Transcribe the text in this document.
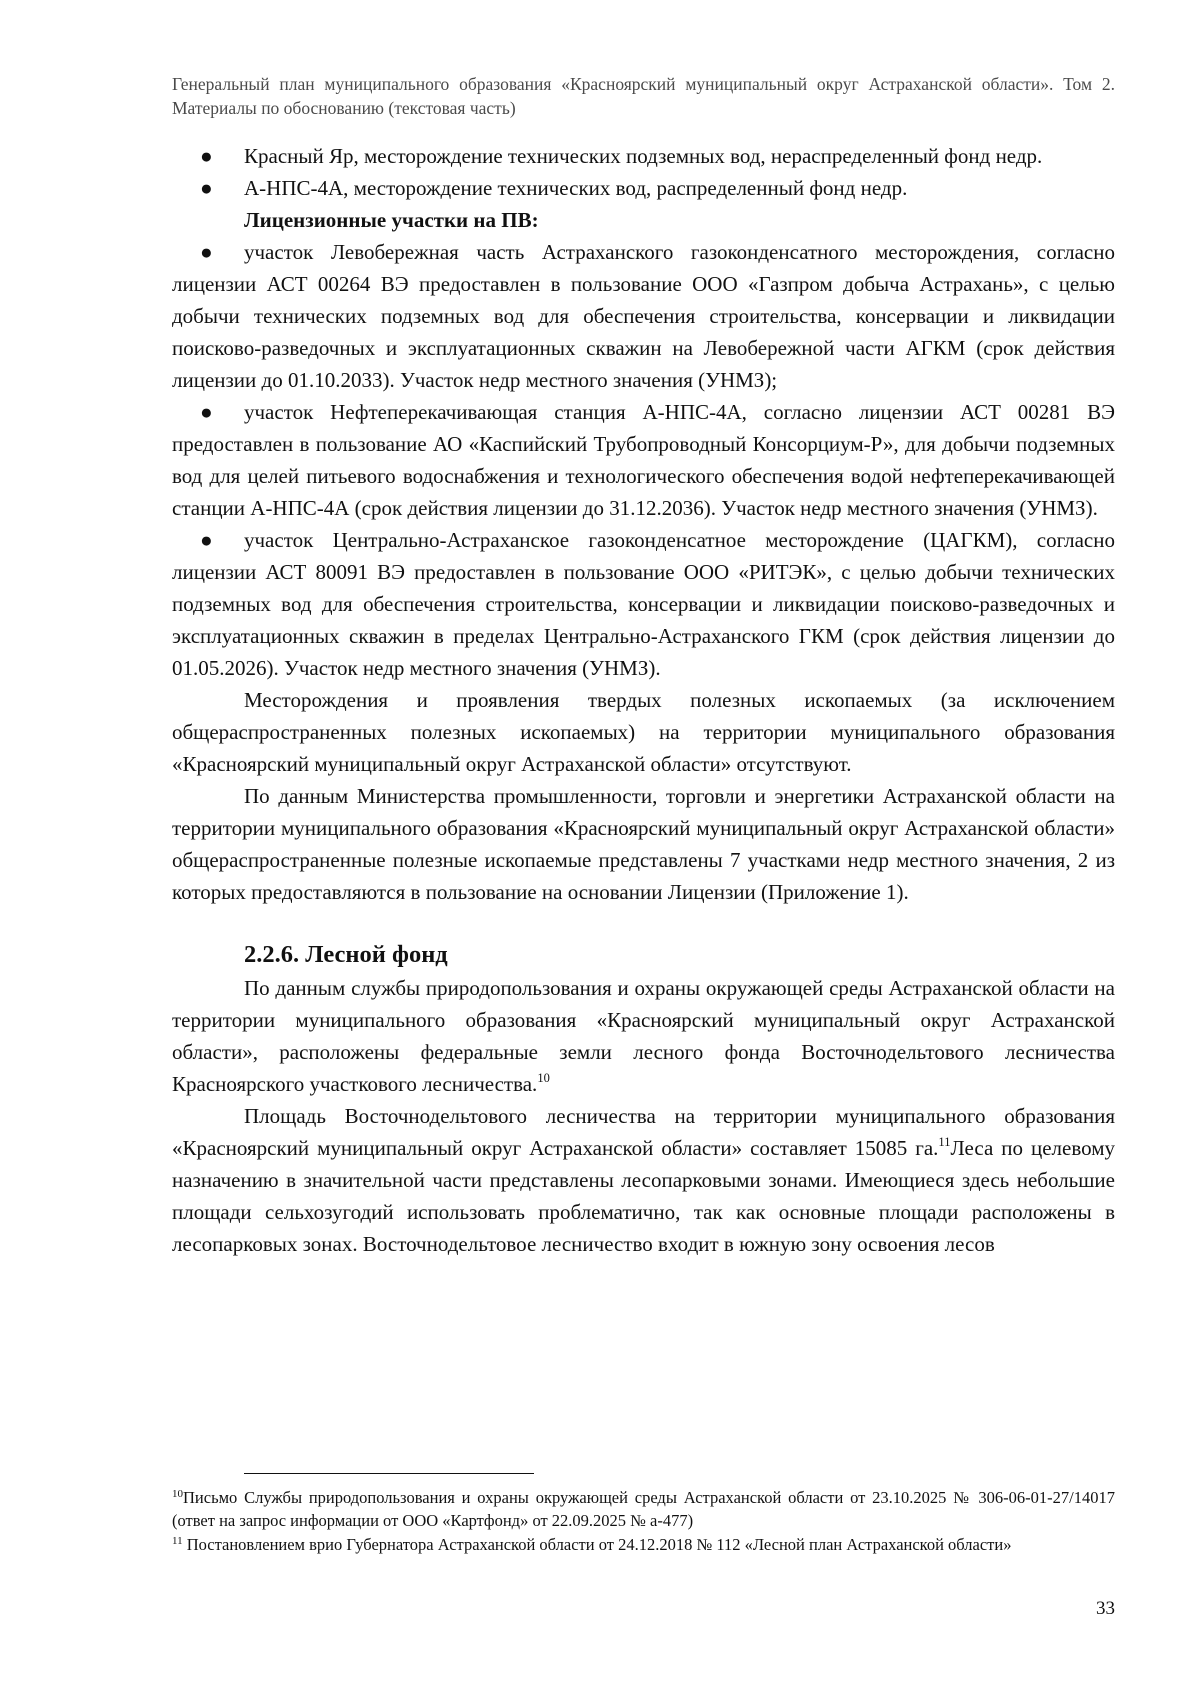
Генеральный план муниципального образования «Красноярский муниципальный округ Астраханской области». Том 2. Материалы по обоснованию (текстовая часть)

● Красный Яр, месторождение технических подземных вод, нераспределенный фонд недр.

● А-НПС-4А, месторождение технических вод, распределенный фонд недр.

Лицензионные участки на ПВ:

● участок Левобережная часть Астраханского газоконденсатного месторождения, согласно лицензии АСТ 00264 ВЭ предоставлен в пользование ООО «Газпром добыча Астрахань», с целью добычи технических подземных вод для обеспечения строительства, консервации и ликвидации поисково-разведочных и эксплуатационных скважин на Левобережной части АГКМ (срок действия лицензии до 01.10.2033). Участок недр местного значения (УНМЗ);

● участок Нефтеперекачивающая станция А-НПС-4А, согласно лицензии АСТ 00281 ВЭ предоставлен в пользование АО «Каспийский Трубопроводный Консорциум-Р», для добычи подземных вод для целей питьевого водоснабжения и технологического обеспечения водой нефтеперекачивающей станции А-НПС-4А (срок действия лицензии до 31.12.2036). Участок недр местного значения (УНМЗ).

● участок Центрально-Астраханское газоконденсатное месторождение (ЦАГКМ), согласно лицензии АСТ 80091 ВЭ предоставлен в пользование ООО «РИТЭК», с целью добычи технических подземных вод для обеспечения строительства, консервации и ликвидации поисково-разведочных и эксплуатационных скважин в пределах Центрально-Астраханского ГКМ (срок действия лицензии до 01.05.2026). Участок недр местного значения (УНМЗ).

Месторождения и проявления твердых полезных ископаемых (за исключением общераспространенных полезных ископаемых) на территории муниципального образования «Красноярский муниципальный округ Астраханской области» отсутствуют.

По данным Министерства промышленности, торговли и энергетики Астраханской области на территории муниципального образования «Красноярский муниципальный округ Астраханской области» общераспространенные полезные ископаемые представлены 7 участками недр местного значения, 2 из которых предоставляются в пользование на основании Лицензии (Приложение 1).

2.2.6. Лесной фонд

По данным службы природопользования и охраны окружающей среды Астраханской области на территории муниципального образования «Красноярский муниципальный округ Астраханской области», расположены федеральные земли лесного фонда Восточнодельтового лесничества Красноярского участкового лесничества.$^{10}$

Площадь Восточнодельтового лесничества на территории муниципального образования «Красноярский муниципальный округ Астраханской области» составляет 15085 га.$^{11}$Леса по целевому назначению в значительной части представлены лесопарковыми зонами. Имеющиеся здесь небольшие площади сельхозугодий использовать проблематично, так как основные площади расположены в лесопарковых зонах. Восточнодельтовое лесничество входит в южную зону освоения лесов

$^{10}$Письмо Службы природопользования и охраны окружающей среды Астраханской области от 23.10.2025 № 306-06-01-27/14017 (ответ на запрос информации от ООО «Картфонд» от 22.09.2025 № а-477)

$^{11}$ Постановлением врио Губернатора Астраханской области от 24.12.2018 № 112 «Лесной план Астраханской области»

33
